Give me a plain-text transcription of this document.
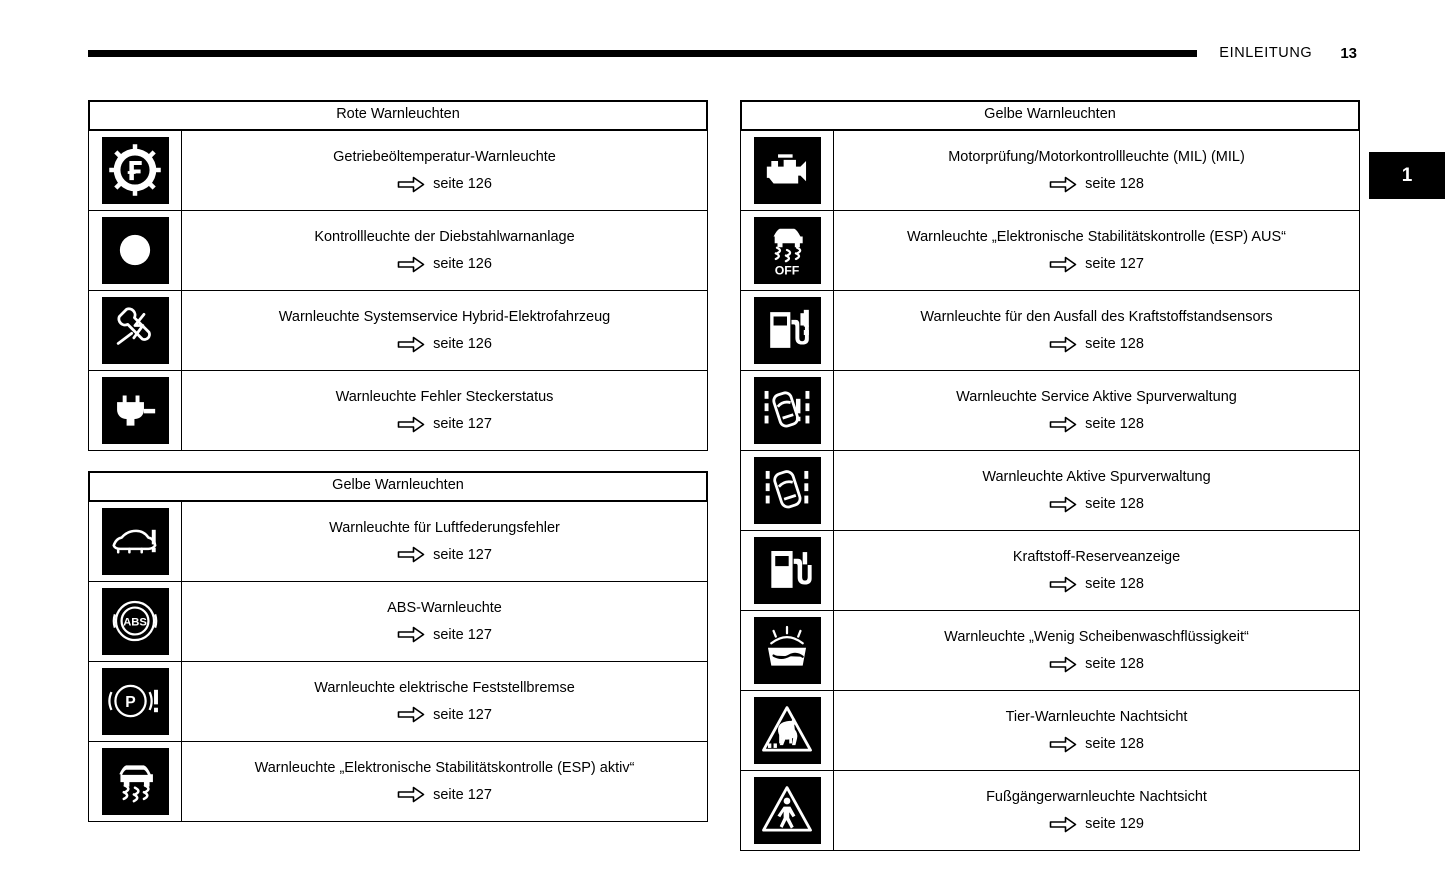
EINLEITUNG 13
1
Rote Warnleuchten
Getriebeöltemperatur-Warnleuchte
seite 126
Kontrollleuchte der Diebstahlwarnanlage
seite 126
Warnleuchte Systemservice Hybrid-Elektrofahrzeug
seite 126
Warnleuchte Fehler Steckerstatus
seite 127
Gelbe Warnleuchten
Warnleuchte für Luftfederungsfehler
seite 127
ABS
ABS-Warnleuchte
seite 127
P
Warnleuchte elektrische Feststellbremse
seite 127
Warnleuchte „Elektronische Stabilitätskontrolle (ESP) aktiv“
seite 127
Gelbe Warnleuchten
Motorprüfung/Motorkontrollleuchte (MIL) (MIL)
seite 128
OFF
Warnleuchte „Elektronische Stabilitätskontrolle (ESP) AUS“
seite 127
Warnleuchte für den Ausfall des Kraftstoffstandsensors
seite 128
Warnleuchte Service Aktive Spurverwaltung
seite 128
Warnleuchte Aktive Spurverwaltung
seite 128
Kraftstoff-Reserveanzeige
seite 128
Warnleuchte „Wenig Scheibenwaschflüssigkeit“
seite 128
Tier-Warnleuchte Nachtsicht
seite 128
Fußgängerwarnleuchte Nachtsicht
seite 129
